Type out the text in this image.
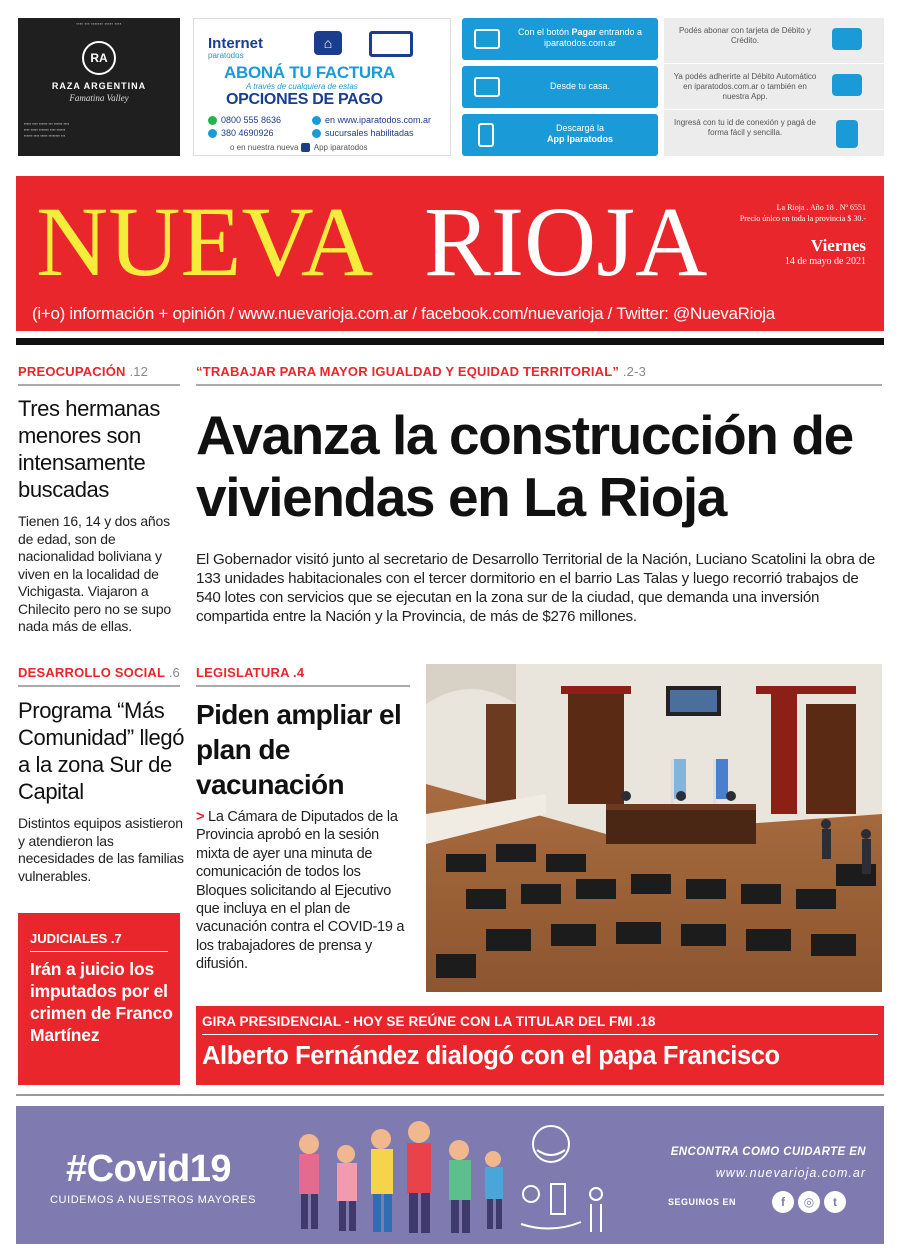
▪▪▪▪ ▪▪▪ ▪▪▪▪▪▪▪ ▪▪▪▪▪ ▪▪▪▪
RA
RAZA ARGENTINA
Famatina Valley
▪▪▪▪▪ ▪▪▪▪ ▪▪▪▪▪▪ ▪▪▪ ▪▪▪▪▪▪ ▪▪▪▪
▪▪▪▪ ▪▪▪▪▪ ▪▪▪▪▪▪▪ ▪▪▪▪ ▪▪▪▪▪▪
▪▪▪▪▪▪ ▪▪▪▪ ▪▪▪▪▪ ▪▪▪▪▪▪▪▪ ▪▪▪
Internet
paratodos
⌂
ABONÁ TU FACTURA
A través de cualquiera de estas
OPCIONES DE PAGO
0800 555 8636	en www.iparatodos.com.ar
380 4690926	sucursales habilitadas
o en nuestra nueva App iparatodos
Con el botón Pagar entrando a iparatodos.com.ar
Desde tu casa.
Descargá la
App Iparatodos
Podés abonar con tarjeta de Débito y Crédito.
Ya podés adherirte al Débito Automático en iparatodos.com.ar o también en nuestra App.
Ingresá con tu id de conexión y pagá de forma fácil y sencilla.
NUEVA RIOJA	La Rioja . Año 18 . Nº 6551
Precio único en toda la provincia $ 30.-
Viernes
14 de mayo de 2021
(i+o) información + opinión / www.nuevarioja.com.ar / facebook.com/nuevarioja / Twitter: @NuevaRioja
PREOCUPACIÓN .12
Tres hermanas menores son intensamente buscadas
Tienen 16, 14 y dos años de edad, son de nacionalidad boliviana y viven en la localidad de Vichigasta. Viajaron a Chilecito pero no se supo nada más de ellas.
DESARROLLO SOCIAL .6
Programa “Más Comunidad” llegó a la zona Sur de Capital
Distintos equipos asistieron y atendieron las necesidades de las familias vulnerables.
JUDICIALES .7
Irán a juicio los imputados por el crimen de Franco Martínez
“TRABAJAR PARA MAYOR IGUALDAD Y EQUIDAD TERRITORIAL” .2-3
Avanza la construcción de viviendas en La Rioja
El Gobernador visitó junto al secretario de Desarrollo Territorial de la Nación, Luciano Scatolini la obra de 133 unidades habitacionales con el tercer dormitorio en el barrio Las Talas y luego recorrió trabajos de 540 lotes con servicios que se ejecutan en la zona sur de la ciudad, que demanda una inversión compartida entre la Nación y la Provincia, de más de $276 millones.
LEGISLATURA .4
Piden ampliar el plan de vacunación
> La Cámara de Diputados de la Provincia aprobó en la sesión mixta de ayer una minuta de comunicación de todos los Bloques solicitando al Ejecutivo que incluya en el plan de vacunación contra el COVID-19 a los trabajadores de prensa y difusión.
GIRA PRESIDENCIAL - HOY SE REÚNE CON LA TITULAR DEL FMI .18
Alberto Fernández dialogó con el papa Francisco
#Covid19
CUIDEMOS A NUESTROS MAYORES
ENCONTRA COMO CUIDARTE EN
www.nuevarioja.com.ar
SEGUINOS EN	f	◎	t
